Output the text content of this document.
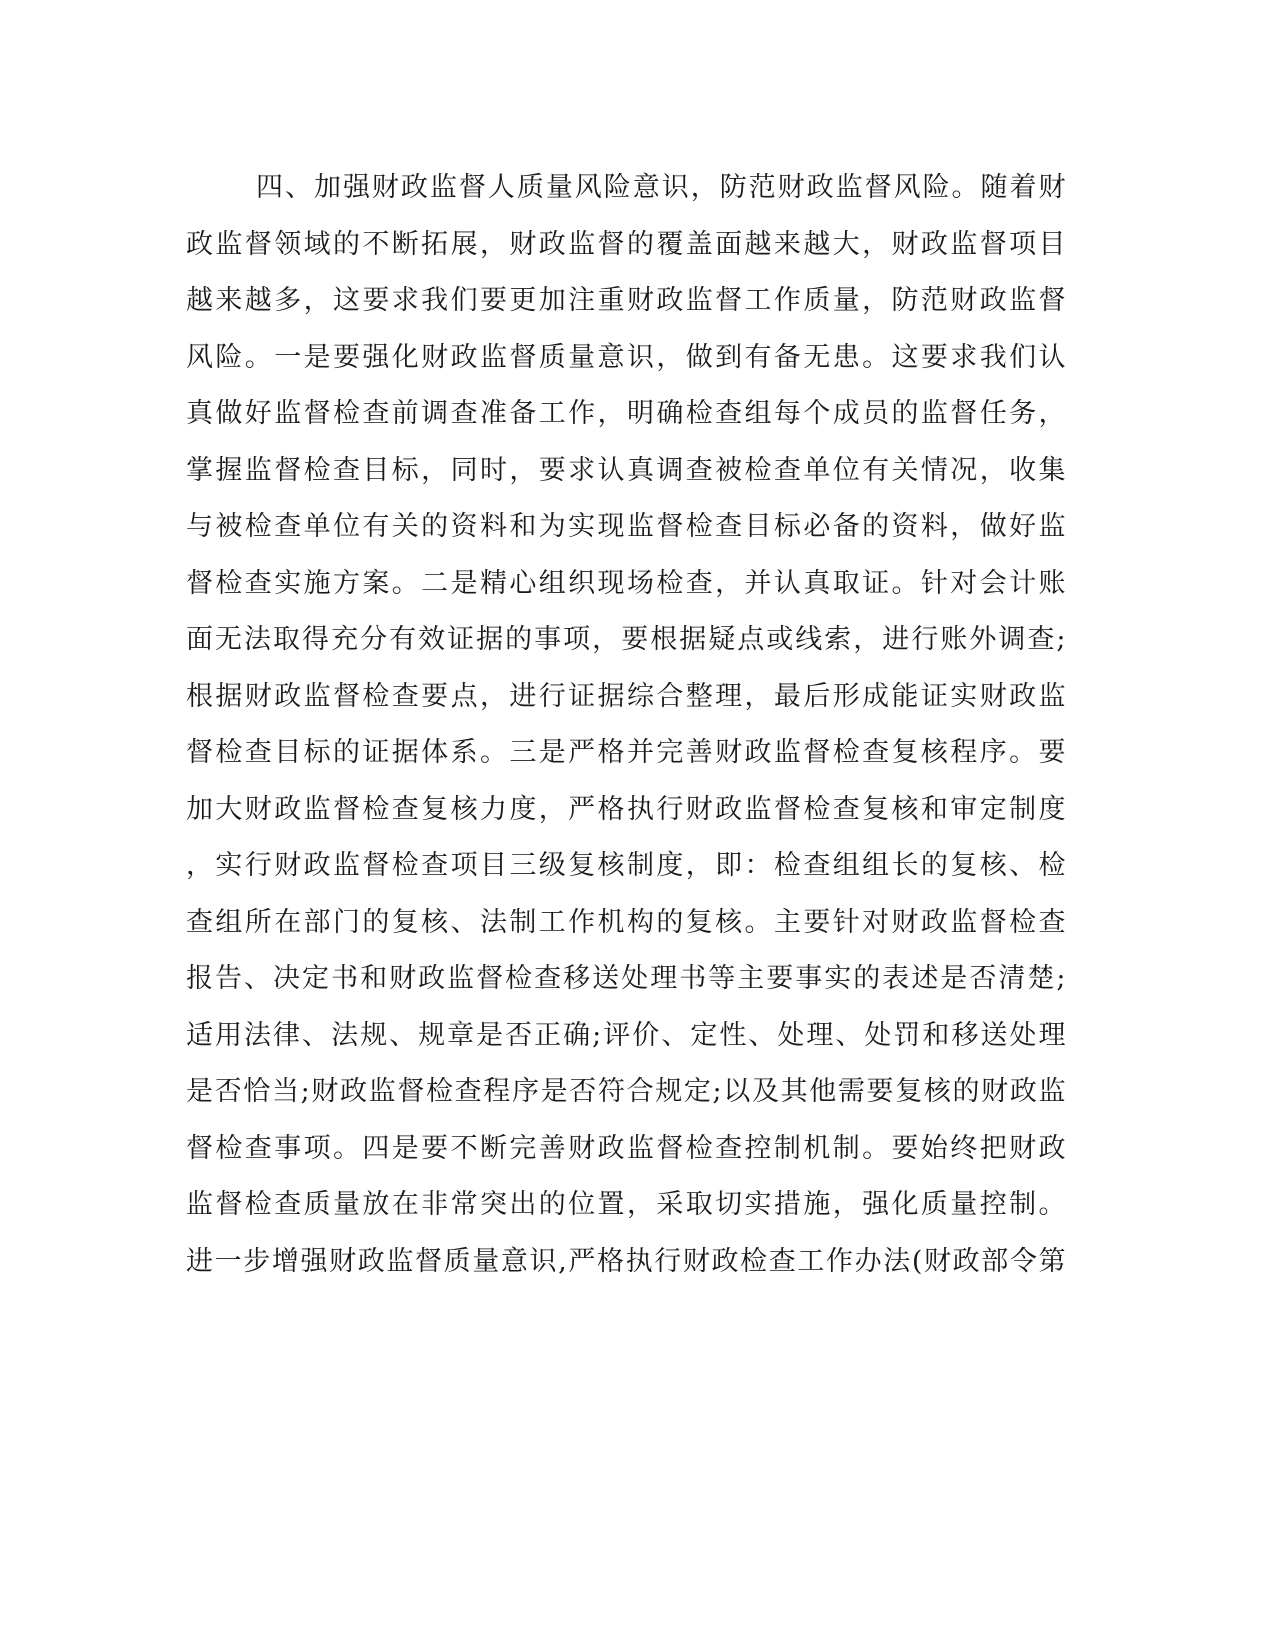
四、加强财政监督人质量风险意识，防范财政监督风险。随着财
政监督领域的不断拓展，财政监督的覆盖面越来越大，财政监督项目
越来越多，这要求我们要更加注重财政监督工作质量，防范财政监督
风险。一是要强化财政监督质量意识，做到有备无患。这要求我们认
真做好监督检查前调查准备工作，明确检查组每个成员的监督任务，
掌握监督检查目标，同时，要求认真调查被检查单位有关情况，收集
与被检查单位有关的资料和为实现监督检查目标必备的资料，做好监
督检查实施方案。二是精心组织现场检查，并认真取证。针对会计账
面无法取得充分有效证据的事项，要根据疑点或线索，进行账外调查;
根据财政监督检查要点，进行证据综合整理，最后形成能证实财政监
督检查目标的证据体系。三是严格并完善财政监督检查复核程序。要
加大财政监督检查复核力度，严格执行财政监督检查复核和审定制度
，实行财政监督检查项目三级复核制度，即：检查组组长的复核、检
查组所在部门的复核、法制工作机构的复核。主要针对财政监督检查
报告、决定书和财政监督检查移送处理书等主要事实的表述是否清楚;
适用法律、法规、规章是否正确;评价、定性、处理、处罚和移送处理
是否恰当;财政监督检查程序是否符合规定;以及其他需要复核的财政监
督检查事项。四是要不断完善财政监督检查控制机制。要始终把财政
监督检查质量放在非常突出的位置，采取切实措施，强化质量控制。
进一步增强财政监督质量意识,严格执行财政检查工作办法(财政部令第
